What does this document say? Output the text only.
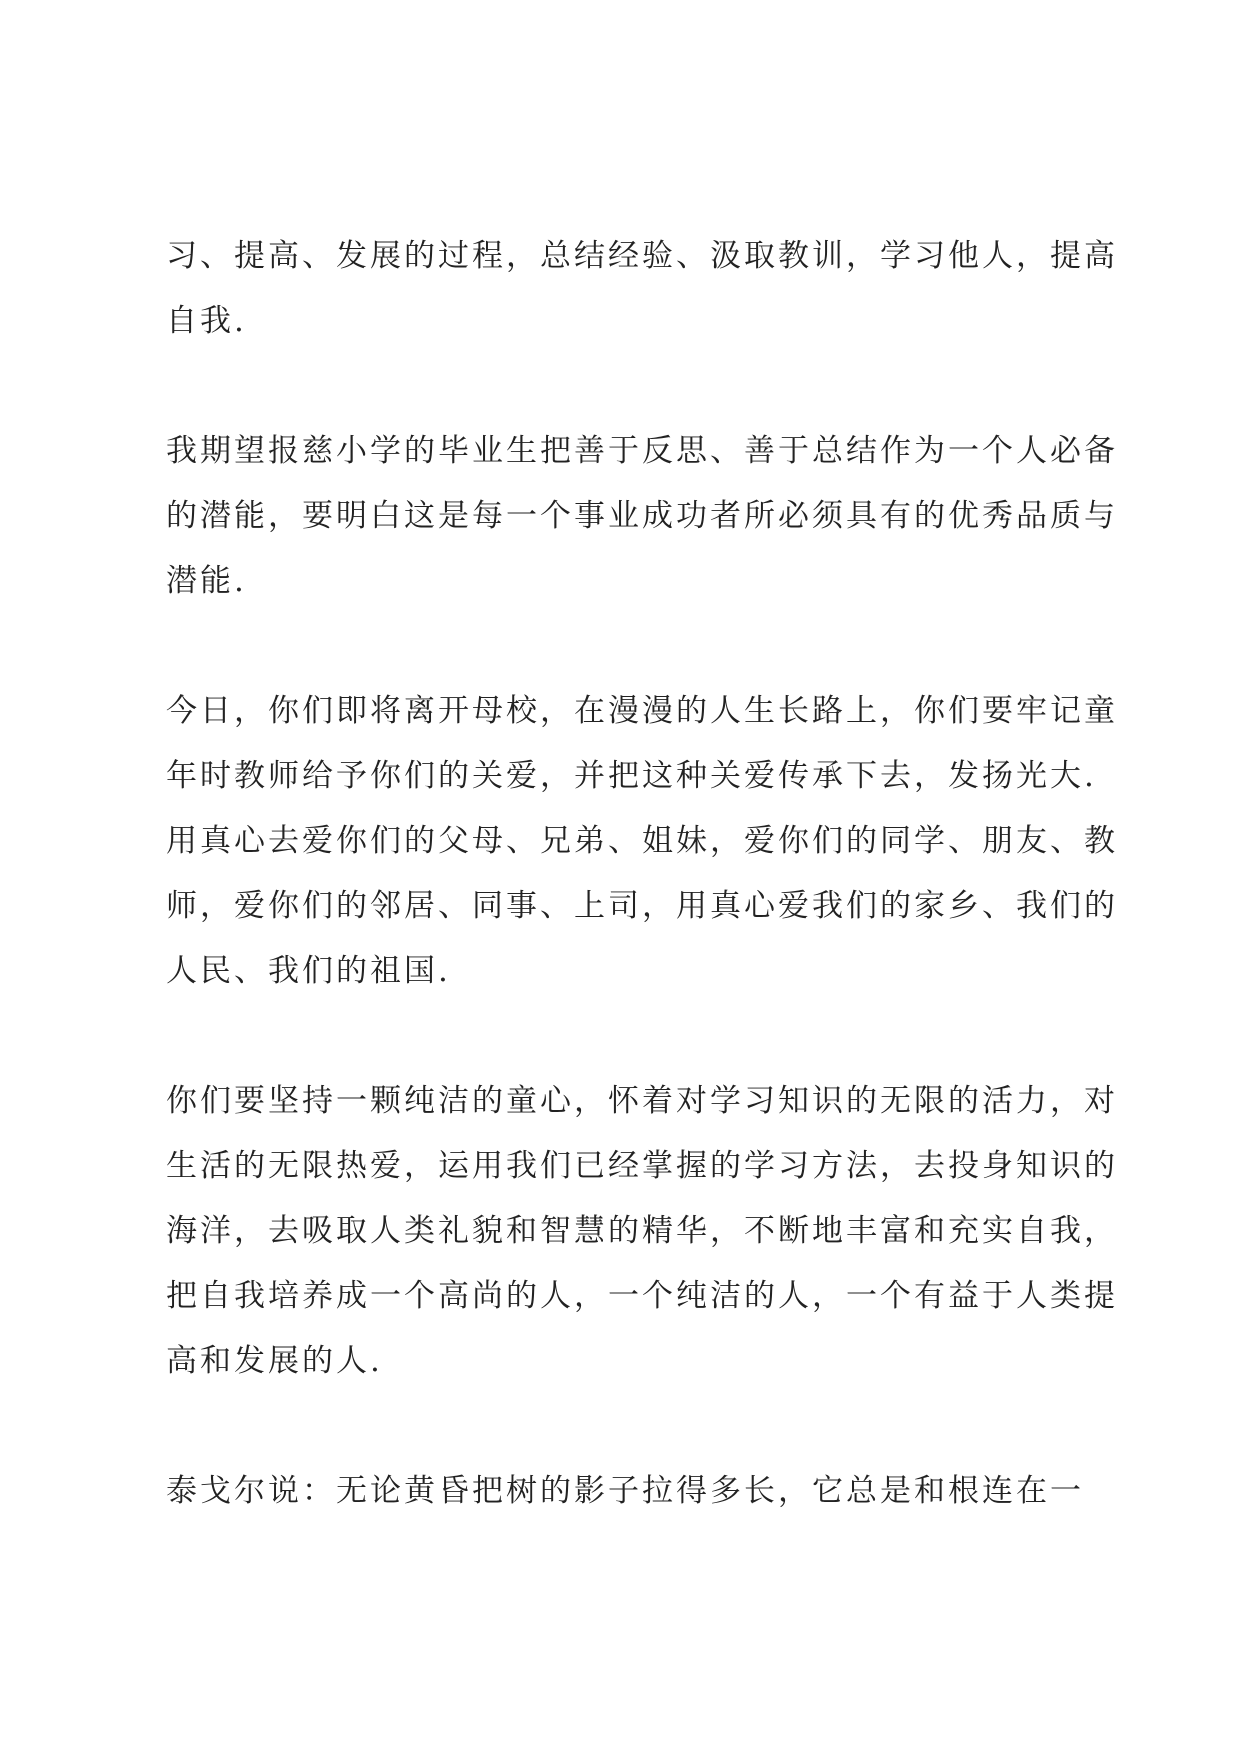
习、提高、发展的过程，总结经验、汲取教训，学习他人，提高
自我.

我期望报慈小学的毕业生把善于反思、善于总结作为一个人必备
的潜能，要明白这是每一个事业成功者所必须具有的优秀品质与
潜能.

今日，你们即将离开母校，在漫漫的人生长路上，你们要牢记童
年时教师给予你们的关爱，并把这种关爱传承下去，发扬光大.
用真心去爱你们的父母、兄弟、姐妹，爱你们的同学、朋友、教
师，爱你们的邻居、同事、上司，用真心爱我们的家乡、我们的
人民、我们的祖国.

你们要坚持一颗纯洁的童心，怀着对学习知识的无限的活力，对
生活的无限热爱，运用我们已经掌握的学习方法，去投身知识的
海洋，去吸取人类礼貌和智慧的精华，不断地丰富和充实自我，
把自我培养成一个高尚的人，一个纯洁的人，一个有益于人类提
高和发展的人.

泰戈尔说：无论黄昏把树的影子拉得多长，它总是和根连在一
